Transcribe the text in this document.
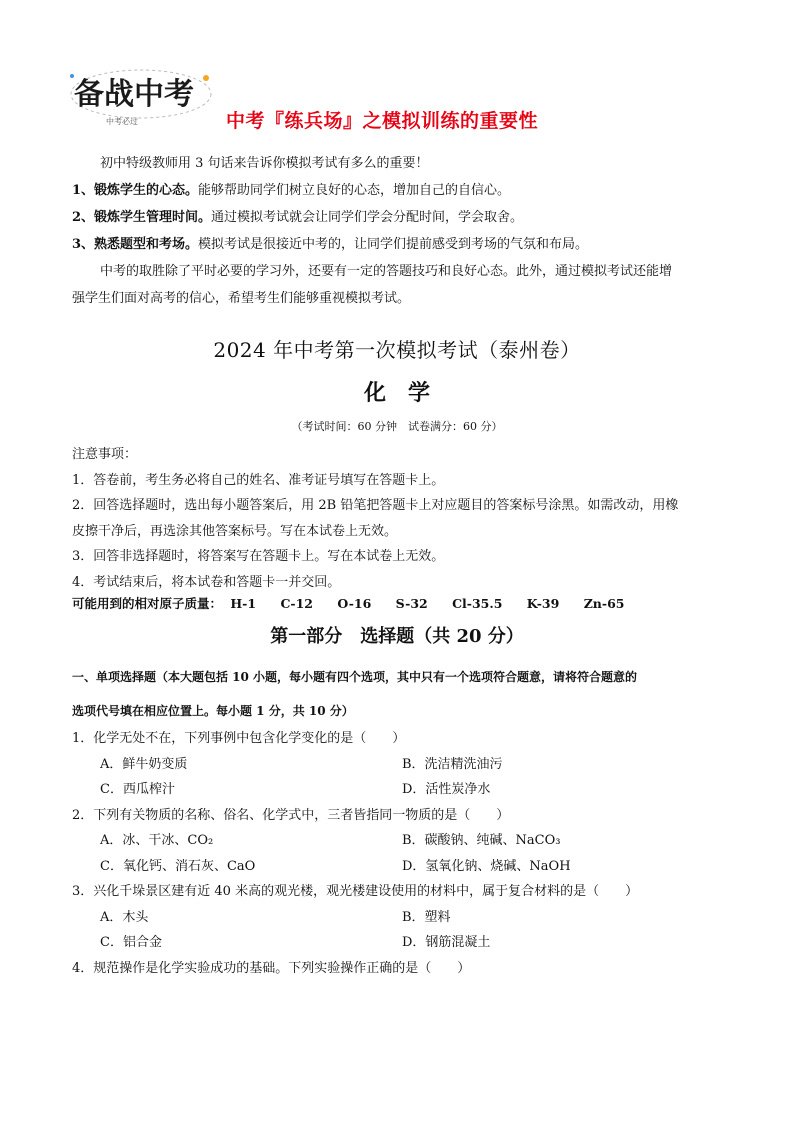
备战中考
中考必过	中考『练兵场』之模拟训练的重要性
初中特级教师用 3 句话来告诉你模拟考试有多么的重要！
1、锻炼学生的心态。能够帮助同学们树立良好的心态，增加自己的自信心。
2、锻炼学生管理时间。通过模拟考试就会让同学们学会分配时间，学会取舍。
3、熟悉题型和考场。模拟考试是很接近中考的，让同学们提前感受到考场的气氛和布局。
中考的取胜除了平时必要的学习外，还要有一定的答题技巧和良好心态。此外，通过模拟考试还能增
强学生们面对高考的信心，希望考生们能够重视模拟考试。
2024 年中考第一次模拟考试（泰州卷）
化学
（考试时间：60 分钟　试卷满分：60 分）
注意事项：
1．答卷前，考生务必将自己的姓名、准考证号填写在答题卡上。
2．回答选择题时，选出每小题答案后，用 2B 铅笔把答题卡上对应题目的答案标号涂黑。如需改动，用橡
皮擦干净后，再选涂其他答案标号。写在本试卷上无效。
3．回答非选择题时，将答案写在答题卡上。写在本试卷上无效。
4．考试结束后，将本试卷和答题卡一并交回。
可能用到的相对原子质量： H-1 C-12 O-16 S-32 Cl-35.5 K-39 Zn-65
第一部分　选择题（共 20 分）
一、单项选择题（本大题包括 10 小题，每小题有四个选项，其中只有一个选项符合题意，请将符合题意的
选项代号填在相应位置上。每小题 1 分，共 10 分）
1．化学无处不在，下列事例中包含化学变化的是（　　）
A．鲜牛奶变质	B．洗洁精洗油污
C．西瓜榨汁	D．活性炭净水
2．下列有关物质的名称、俗名、化学式中，三者皆指同一物质的是（　　）
A．冰、干冰、CO₂	B．碳酸钠、纯碱、NaCO₃
C．氧化钙、消石灰、CaO	D．氢氧化钠、烧碱、NaOH
3．兴化千垛景区建有近 40 米高的观光楼，观光楼建设使用的材料中，属于复合材料的是（　　）
A．木头	B．塑料
C．铝合金	D．钢筋混凝土
4．规范操作是化学实验成功的基础。下列实验操作正确的是（　　）
